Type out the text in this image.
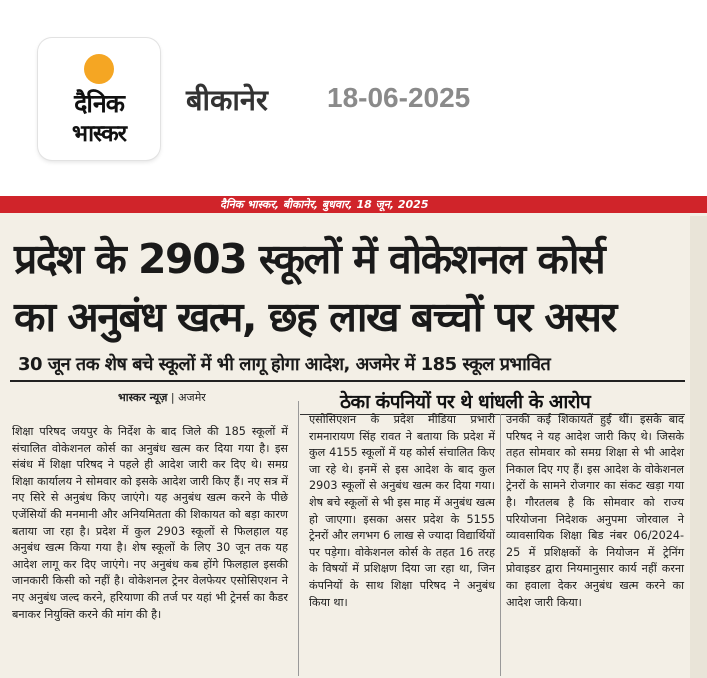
दैनिक
भास्कर
बीकानेर 18-06-2025
दैनिक भास्कर, बीकानेर, बुधवार, 18 जून, 2025
प्रदेश के 2903 स्कूलों में वोकेशनल कोर्स
का अनुबंध खत्म, छह लाख बच्चों पर असर
30 जून तक शेष बचे स्कूलों में भी लागू होगा आदेश, अजमेर में 185 स्कूल प्रभावित
भास्कर न्यूज़ | अजमेर	ठेका कंपनियों पर थे धांधली के आरोप
शिक्षा परिषद जयपुर के निर्देश के बाद जिले की 185 स्कूलों में संचालित वोकेशनल कोर्स का अनुबंध खत्म कर दिया गया है। इस संबंध में शिक्षा परिषद ने पहले ही आदेश जारी कर दिए थे। समग्र शिक्षा कार्यालय ने सोमवार को इसके आदेश जारी किए हैं। नए सत्र में नए सिरे से अनुबंध किए जाएंगे। यह अनुबंध खत्म करने के पीछे एजेंसियों की मनमानी और अनियमितता की शिकायत को बड़ा कारण बताया जा रहा है। प्रदेश में कुल 2903 स्कूलों से फिलहाल यह अनुबंध खत्म किया गया है। शेष स्कूलों के लिए 30 जून तक यह आदेश लागू कर दिए जाएंगे। नए अनुबंध कब होंगे फिलहाल इसकी जानकारी किसी को नहीं है। वोकेशनल ट्रेनर वेलफेयर एसोसिएशन ने नए अनुबंध जल्द करने, हरियाणा की तर्ज पर यहां भी ट्रेनर्स का कैडर बनाकर नियुक्ति करने की मांग की है।
एसोसिएशन के प्रदेश मीडिया प्रभारी रामनारायण सिंह रावत ने बताया कि प्रदेश में कुल 4155 स्कूलों में यह कोर्स संचालित किए जा रहे थे। इनमें से इस आदेश के बाद कुल 2903 स्कूलों से अनुबंध खत्म कर दिया गया। शेष बचे स्कूलों से भी इस माह में अनुबंध खत्म हो जाएगा। इसका असर प्रदेश के 5155 ट्रेनरों और लगभग 6 लाख से ज्यादा विद्यार्थियों पर पड़ेगा। वोकेशनल कोर्स के तहत 16 तरह के विषयों में प्रशिक्षण दिया जा रहा था, जिन कंपनियों के साथ शिक्षा परिषद ने अनुबंध किया था।
उनकी कई शिकायतें हुई थीं। इसके बाद परिषद ने यह आदेश जारी किए थे। जिसके तहत सोमवार को समग्र शिक्षा से भी आदेश निकाल दिए गए हैं। इस आदेश के वोकेशनल ट्रेनरों के सामने रोजगार का संकट खड़ा गया है। गौरतलब है कि सोमवार को राज्य परियोजना निदेशक अनुपमा जोरवाल ने व्यावसायिक शिक्षा बिड नंबर 06/2024-25 में प्रशिक्षकों के नियोजन में ट्रेनिंग प्रोवाइडर द्वारा नियमानुसार कार्य नहीं करना का हवाला देकर अनुबंध खत्म करने का आदेश जारी किया।
